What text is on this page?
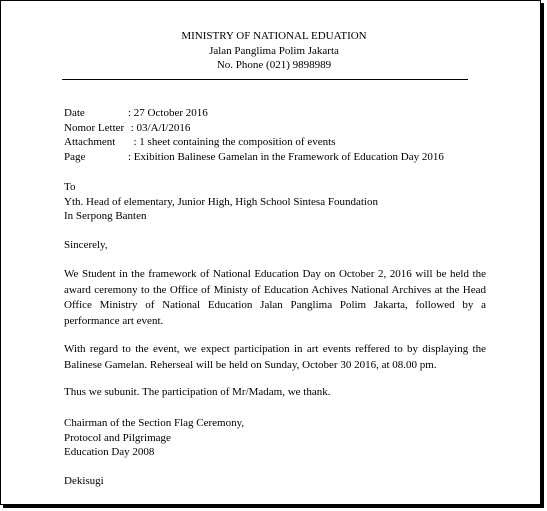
MINISTRY OF NATIONAL EDUATION
Jalan Panglima Polim Jakarta
No. Phone (021) 9898989
Date	: 27 October 2016
Nomor Letter : 03/A/I/2016
Attachment	: 1 sheet containing the composition of events
Page	: Exibition Balinese Gamelan in the Framework of Education Day 2016
To
Yth. Head of elementary, Junior High, High School Sintesa Foundation
In Serpong Banten
Sincerely,
We Student in the framework of National Education Day on October 2, 2016 will be held the award ceremony to the Office of Ministy of Education Achives National Archives at the Head Office Ministry of National Education Jalan Panglima Polim Jakarta, followed by a performance art event.
With regard to the event, we expect participation in art events reffered to by displaying the Balinese Gamelan. Reherseal will be held on Sunday, October 30 2016, at 08.00 pm.
Thus we subunit. The participation of Mr/Madam, we thank.
Chairman of the Section Flag Ceremony,
Protocol and Pilgrimage
Education Day 2008
Dekisugi
